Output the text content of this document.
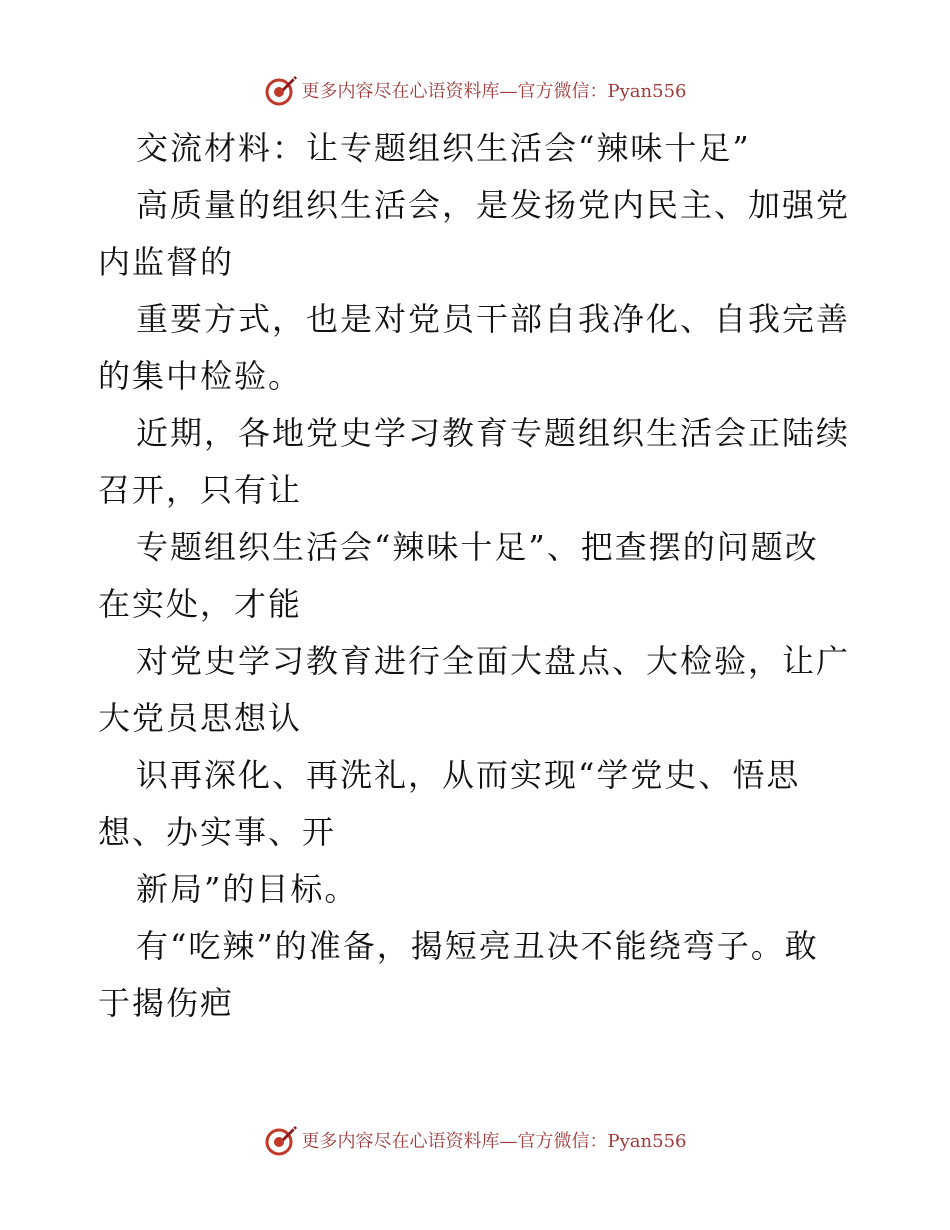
更多内容尽在心语资料库—官方微信：Pyan556
交流材料：让专题组织生活会“辣味十足”
高质量的组织生活会，是发扬党内民主、加强党
内监督的
重要方式，也是对党员干部自我净化、自我完善
的集中检验。
近期，各地党史学习教育专题组织生活会正陆续
召开，只有让
专题组织生活会“辣味十足”、把查摆的问题改
在实处，才能
对党史学习教育进行全面大盘点、大检验，让广
大党员思想认
识再深化、再洗礼，从而实现“学党史、悟思
想、办实事、开
新局”的目标。
有“吃辣”的准备，揭短亮丑决不能绕弯子。敢
于揭伤疤
更多内容尽在心语资料库—官方微信：Pyan556
